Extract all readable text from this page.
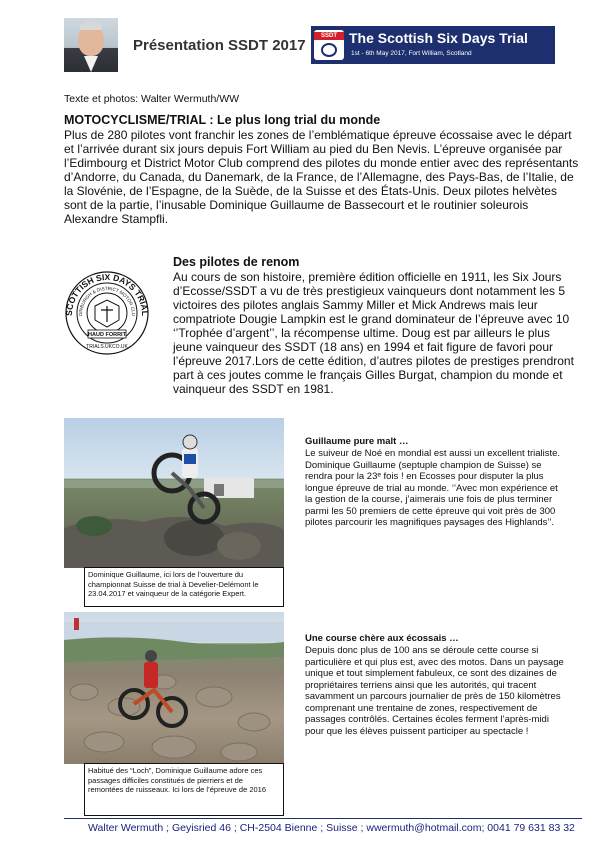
Présentation SSDT 2017
SSDT The Scottish Six Days Trial
1st - 6th May 2017, Fort William, Scotland
Texte et photos: Walter Wermuth/WW
MOTOCYCLISME/TRIAL : Le plus long trial du monde
Plus de 280 pilotes vont franchir les zones de l’emblématique épreuve écossaise avec le départ et l’arrivée durant six jours depuis Fort William au pied du Ben Nevis. L’épreuve organisée par l’Edimbourg et District Motor Club comprend des pilotes du monde entier avec des représentants d’Andorre, du Canada, du Danemark, de la France, de l’Allemagne, des Pays-Bas, de l’Italie, de la Slovénie, de l’Espagne, de la Suède, de la Suisse et des États-Unis. Deux pilotes helvètes sont de la partie, l’inusable Dominique Guillaume de Bassecourt et le routinier soleurois Alexandre Stampfli.
SCOTTISH SIX DAYS TRIAL
DINBURGH & DISTRICT MOTOR CLU
HAUD FORRIT
TRIALS.UKCO.UK
Des pilotes de renom
Au cours de son histoire, première édition officielle en 1911, les Six Jours d’Ecosse/SSDT a vu de très prestigieux vainqueurs dont notamment les 5 victoires des pilotes anglais Sammy Miller et Mick Andrews mais leur compatriote Dougie Lampkin est le grand dominateur de l’épreuve avec 10 ‘’Trophée d’argent’’, la récompense ultime. Doug est par ailleurs le plus jeune vainqueur des SSDT (18 ans) en 1994 et fait figure de favori pour l’épreuve 2017.Lors de cette édition, d’autres pilotes de prestiges prendront part à ces joutes comme le français Gilles Burgat, champion du monde et vainqueur des SSDT en 1981.
Dominique Guillaume, ici lors de l’ouverture du championnat Suisse de trial à Develier-Delémont le 23.04.2017 et vainqueur de la catégorie Expert.
Guillaume pure malt …
Le suiveur de Noé en mondial est aussi un excellent trialiste. Dominique Guillaume (septuple champion de Suisse) se rendra pour la 23ᵉ fois ! en Ecosses pour disputer la plus longue épreuve de trial au monde. ‘’Avec mon expérience et la gestion de la course, j’aimerais une fois de plus terminer parmi les 50 premiers de cette épreuve qui voit près de 300 pilotes parcourir les magnifiques paysages des Highlands’’.
Habitué des “Loch”, Dominique Guillaume adore ces passages difficiles constitués de pierriers et de remontées de ruisseaux. Ici lors de l’épreuve de 2016
Une course chère aux écossais …
Depuis donc plus de 100 ans se déroule cette course si particulière et qui plus est, avec des motos. Dans un paysage unique et tout simplement fabuleux, ce sont des dizaines de propriétaires terriens ainsi que les autorités, qui tracent savamment un parcours journalier de près de 150 kilomètres comprenant une trentaine de zones, respectivement de passages contrôlés. Certaines écoles ferment l’après-midi pour que les élèves puissent participer au spectacle !
Walter Wermuth ; Geyisried 46 ; CH-2504 Bienne ; Suisse ; wwermuth@hotmail.com; 0041 79 631 83 32
